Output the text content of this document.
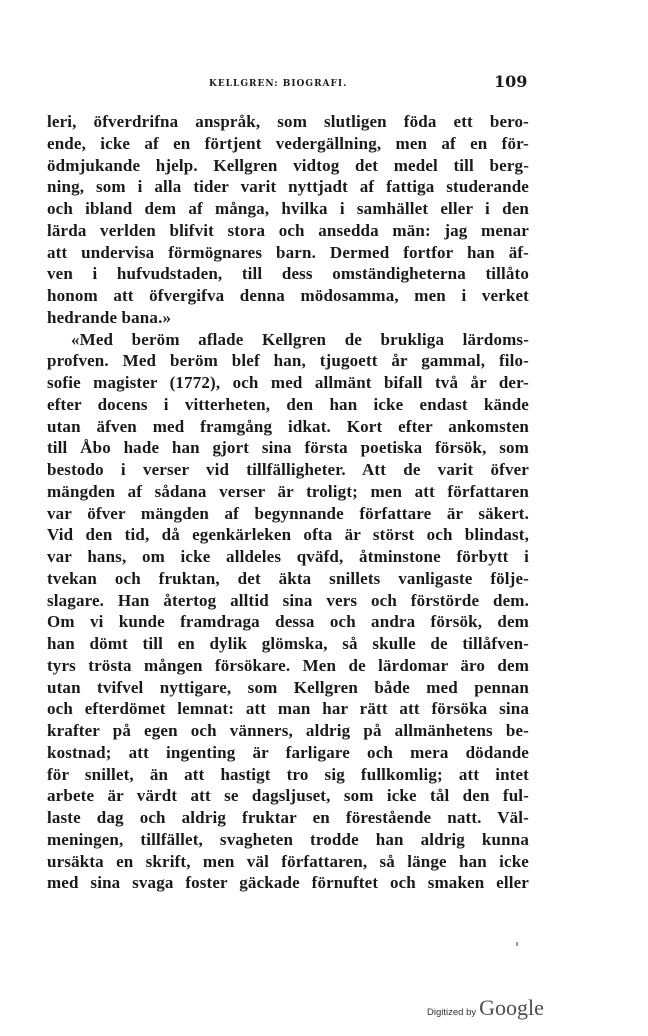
KELLGREN: BIOGRAFI.	109
leri, öfverdrifna anspråk, som slutligen föda ett bero-
ende, icke af en förtjent vedergällning, men af en för-
ödmjukande hjelp. Kellgren vidtog det medel till berg-
ning, som i alla tider varit nyttjadt af fattiga studerande
och ibland dem af många, hvilka i samhället eller i den
lärda verlden blifvit stora och ansedda män: jag menar
att undervisa förmögnares barn. Dermed fortfor han äf-
ven i hufvudstaden, till dess omständigheterna tillåto
honom att öfvergifva denna mödosamma, men i verket
hedrande bana.»
«Med beröm aflade Kellgren de brukliga lärdoms-
profven. Med beröm blef han, tjugoett år gammal, filo-
sofie magister (1772), och med allmänt bifall två år der-
efter docens i vitterheten, den han icke endast kände
utan äfven med framgång idkat. Kort efter ankomsten
till Åbo hade han gjort sina första poetiska försök, som
bestodo i verser vid tillfälligheter. Att de varit öfver
mängden af sådana verser är troligt; men att författaren
var öfver mängden af begynnande författare är säkert.
Vid den tid, då egenkärleken ofta är störst och blindast,
var hans, om icke alldeles qväfd, åtminstone förbytt i
tvekan och fruktan, det äkta snillets vanligaste följe-
slagare. Han återtog alltid sina vers och förstörde dem.
Om vi kunde framdraga dessa och andra försök, dem
han dömt till en dylik glömska, så skulle de tillåfven-
tyrs trösta mången försökare. Men de lärdomar äro dem
utan tvifvel nyttigare, som Kellgren både med pennan
och efterdömet lemnat: att man har rätt att försöka sina
krafter på egen och vänners, aldrig på allmänhetens be-
kostnad; att ingenting är farligare och mera dödande
för snillet, än att hastigt tro sig fullkomlig; att intet
arbete är värdt att se dagsljuset, som icke tål den ful-
laste dag och aldrig fruktar en förestående natt. Väl-
meningen, tillfället, svagheten trodde han aldrig kunna
ursäkta en skrift, men väl författaren, så länge han icke
med sina svaga foster gäckade förnuftet och smaken eller
Digitized by Google
